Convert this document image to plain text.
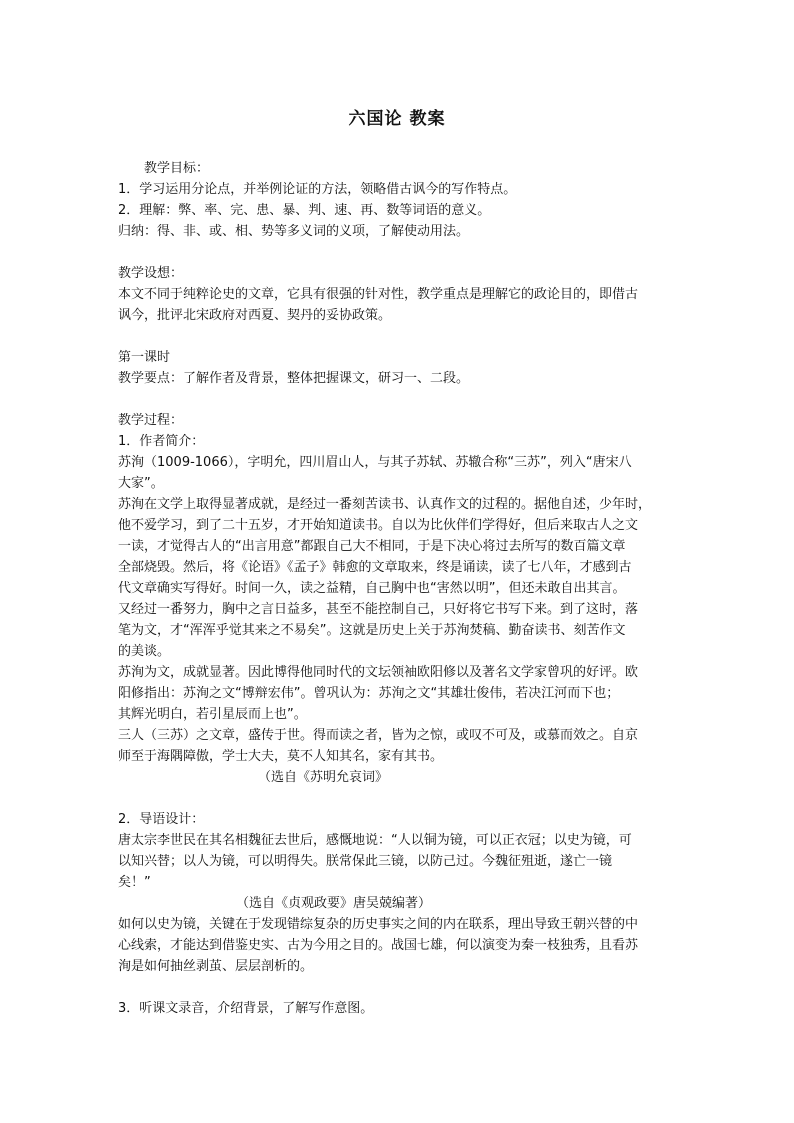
六国论 教案
教学目标：
1．学习运用分论点，并举例论证的方法，领略借古讽今的写作特点。
2．理解：弊、率、完、患、暴、判、速、再、数等词语的意义。
归纳：得、非、或、相、势等多义词的义项，了解使动用法。
教学设想：
本文不同于纯粹论史的文章，它具有很强的针对性，教学重点是理解它的政论目的，即借古
讽今，批评北宋政府对西夏、契丹的妥协政策。
第一课时
教学要点：了解作者及背景，整体把握课文，研习一、二段。
教学过程：
1．作者简介：
苏洵（1009-1066），字明允，四川眉山人，与其子苏轼、苏辙合称“三苏”，列入“唐宋八
大家”。
苏洵在文学上取得显著成就，是经过一番刻苦读书、认真作文的过程的。据他自述，少年时，
他不爱学习，到了二十五岁，才开始知道读书。自以为比伙伴们学得好，但后来取古人之文
一读，才觉得古人的“出言用意”都跟自己大不相同，于是下决心将过去所写的数百篇文章
全部烧毁。然后，将《论语》《孟子》韩愈的文章取来，终是诵读，读了七八年，才感到古
代文章确实写得好。时间一久，读之益精，自己胸中也“害然以明”，但还未敢自出其言。
又经过一番努力，胸中之言日益多，甚至不能控制自己，只好将它书写下来。到了这时，落
笔为文，才“浑浑乎觉其来之不易矣”。这就是历史上关于苏洵焚稿、勤奋读书、刻苦作文
的美谈。
苏洵为文，成就显著。因此博得他同时代的文坛领袖欧阳修以及著名文学家曾巩的好评。欧
阳修指出：苏洵之文“博辩宏伟”。曾巩认为：苏洵之文“其雄壮俊伟，若决江河而下也；
其辉光明白，若引星辰而上也”。
三人（三苏）之文章，盛传于世。得而读之者，皆为之惊，或叹不可及，或慕而效之。自京
师至于海隅障傲，学士大夫，莫不人知其名，家有其书。
（选自《苏明允哀词》
2．导语设计：
唐太宗李世民在其名相魏征去世后，感慨地说：“人以铜为镜，可以正衣冠；以史为镜，可
以知兴替；以人为镜，可以明得失。朕常保此三镜，以防己过。今魏征殂逝，遂亡一镜
矣！”
（选自《贞观政要》唐吴兢编著）
如何以史为镜，关键在于发现错综复杂的历史事实之间的内在联系，理出导致王朝兴替的中
心线索，才能达到借鉴史实、古为今用之目的。战国七雄，何以演变为秦一枝独秀，且看苏
洵是如何抽丝剥茧、层层剖析的。
3．听课文录音，介绍背景，了解写作意图。
